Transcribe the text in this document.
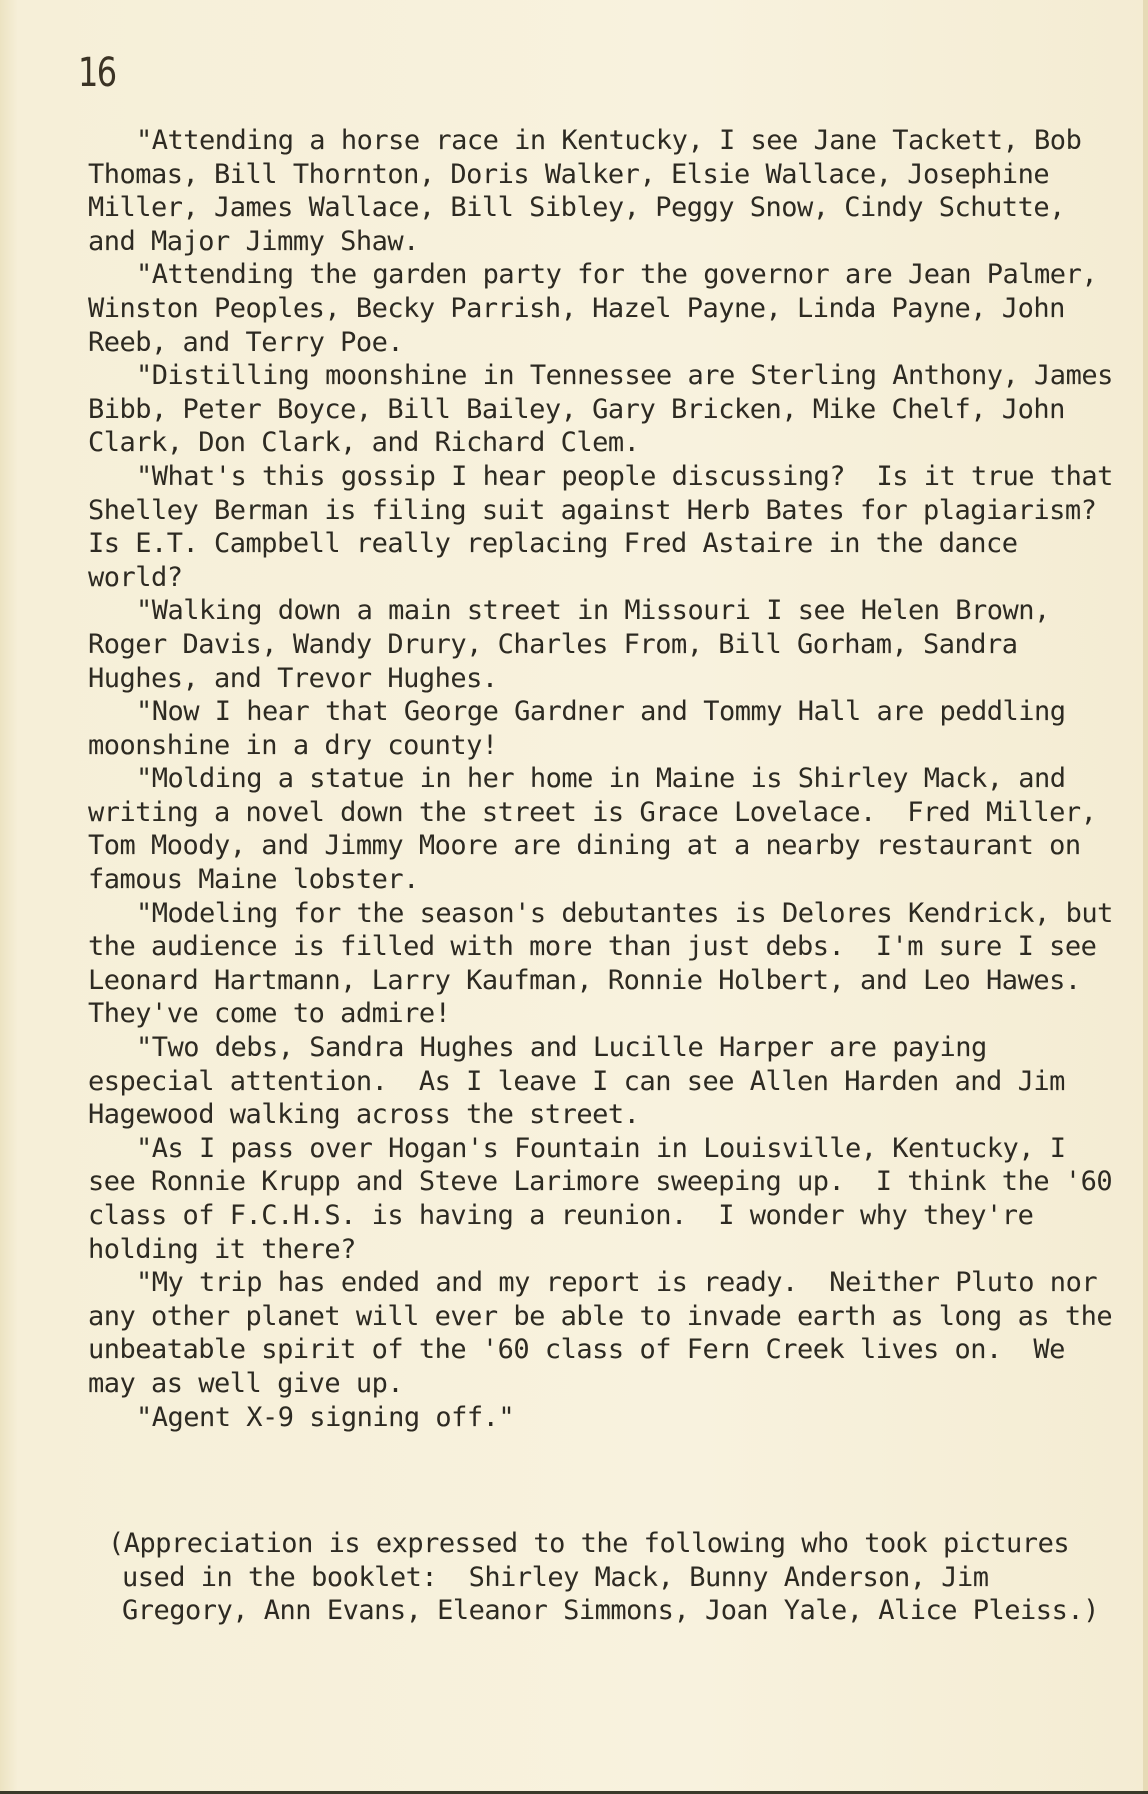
16

"Attending a horse race in Kentucky, I see Jane Tackett, Bob Thomas, Bill Thornton, Doris Walker, Elsie Wallace, Josephine Miller, James Wallace, Bill Sibley, Peggy Snow, Cindy Schutte, and Major Jimmy Shaw.

"Attending the garden party for the governor are Jean Palmer, Winston Peoples, Becky Parrish, Hazel Payne, Linda Payne, John Reeb, and Terry Poe.

"Distilling moonshine in Tennessee are Sterling Anthony, James Bibb, Peter Boyce, Bill Bailey, Gary Bricken, Mike Chelf, John Clark, Don Clark, and Richard Clem.

"What's this gossip I hear people discussing?  Is it true that Shelley Berman is filing suit against Herb Bates for plagiarism?  Is E.T. Campbell really replacing Fred Astaire in the dance world?

"Walking down a main street in Missouri I see Helen Brown, Roger Davis, Wandy Drury, Charles From, Bill Gorham, Sandra Hughes, and Trevor Hughes.

"Now I hear that George Gardner and Tommy Hall are peddling moonshine in a dry county!

"Molding a statue in her home in Maine is Shirley Mack, and writing a novel down the street is Grace Lovelace.  Fred Miller, Tom Moody, and Jimmy Moore are dining at a nearby restaurant on famous Maine lobster.

"Modeling for the season's debutantes is Delores Kendrick, but the audience is filled with more than just debs.  I'm sure I see Leonard Hartmann, Larry Kaufman, Ronnie Holbert, and Leo Hawes.  They've come to admire!

"Two debs, Sandra Hughes and Lucille Harper are paying especial attention.  As I leave I can see Allen Harden and Jim Hagewood walking across the street.

"As I pass over Hogan's Fountain in Louisville, Kentucky, I see Ronnie Krupp and Steve Larimore sweeping up.  I think the '60 class of F.C.H.S. is having a reunion.  I wonder why they're holding it there?

"My trip has ended and my report is ready.  Neither Pluto nor any other planet will ever be able to invade earth as long as the unbeatable spirit of the '60 class of Fern Creek lives on.  We may as well give up.

"Agent X-9 signing off."

(Appreciation is expressed to the following who took pictures used in the booklet:  Shirley Mack, Bunny Anderson, Jim Gregory, Ann Evans, Eleanor Simmons, Joan Yale, Alice Pleiss.)
